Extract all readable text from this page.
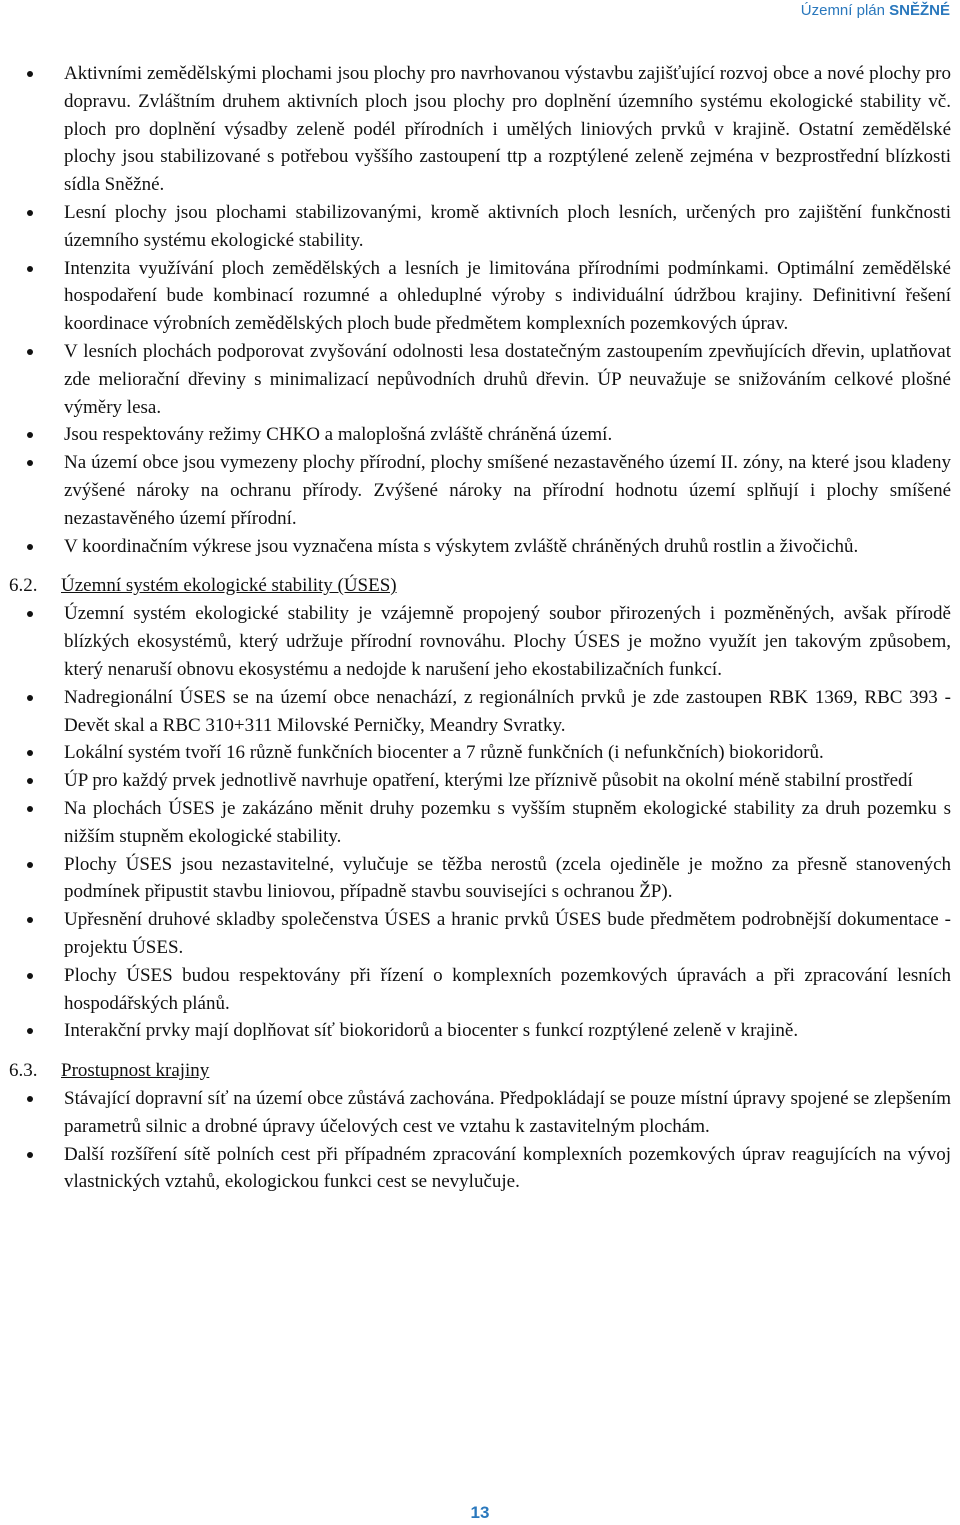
Územní plán SNĚŽNÉ
Aktivními zemědělskými plochami jsou plochy pro navrhovanou výstavbu zajišťující rozvoj obce a nové plochy pro dopravu. Zvláštním druhem aktivních ploch jsou plochy pro doplnění územního systému ekologické stability vč. ploch pro doplnění výsadby zeleně podél přírodních i umělých liniových prvků v krajině. Ostatní zemědělské plochy jsou stabilizované s potřebou vyššího zastoupení ttp a rozptýlené zeleně zejména v bezprostřední blízkosti sídla Sněžné.
Lesní plochy jsou plochami stabilizovanými, kromě aktivních ploch lesních, určených pro zajištění funkčnosti územního systému ekologické stability.
Intenzita využívání ploch zemědělských a lesních je limitována přírodními podmínkami. Optimální zemědělské hospodaření bude kombinací rozumné a ohleduplné výroby s individuální údržbou krajiny. Definitivní řešení koordinace výrobních zemědělských ploch bude předmětem komplexních pozemkových úprav.
V lesních plochách podporovat zvyšování odolnosti lesa dostatečným zastoupením zpevňujících dřevin, uplatňovat zde meliorační dřeviny s minimalizací nepůvodních druhů dřevin. ÚP neuvažuje se snižováním celkové plošné výměry lesa.
Jsou respektovány režimy CHKO a maloplošná zvláště chráněná území.
Na území obce jsou vymezeny plochy přírodní, plochy smíšené nezastavěného území II. zóny, na které jsou kladeny zvýšené nároky na ochranu přírody. Zvýšené nároky na přírodní hodnotu území splňují i plochy smíšené nezastavěného území přírodní.
V koordinačním výkrese jsou vyznačena místa s výskytem zvláště chráněných druhů rostlin a živočichů.
6.2. Územní systém ekologické stability (ÚSES)
Územní systém ekologické stability je vzájemně propojený soubor přirozených i pozměněných, avšak přírodě blízkých ekosystémů, který udržuje přírodní rovnováhu. Plochy ÚSES je možno využít jen takovým způsobem, který nenaruší obnovu ekosystému a nedojde k narušení jeho ekostabilizačních funkcí.
Nadregionální ÚSES se na území obce nenachází, z regionálních prvků je zde zastoupen RBK 1369, RBC 393 - Devět skal a RBC 310+311 Milovské Perničky, Meandry Svratky.
Lokální systém tvoří 16 různě funkčních biocenter a 7 různě funkčních (i nefunkčních) biokoridorů.
ÚP pro každý prvek jednotlivě navrhuje opatření, kterými lze příznivě působit na okolní méně stabilní prostředí
Na plochách ÚSES je zakázáno měnit druhy pozemku s vyšším stupněm ekologické stability za druh pozemku s nižším stupněm ekologické stability.
Plochy ÚSES jsou nezastavitelné, vylučuje se těžba nerostů (zcela ojediněle je možno za přesně stanovených podmínek připustit stavbu liniovou, případně stavbu souvisejíci s ochranou ŽP).
Upřesnění druhové skladby společenstva ÚSES a hranic prvků ÚSES bude předmětem podrobnější dokumentace - projektu ÚSES.
Plochy ÚSES budou respektovány při řízení o komplexních pozemkových úpravách a při zpracování lesních hospodářských plánů.
Interakční prvky mají doplňovat síť biokoridorů a biocenter s funkcí rozptýlené zeleně v krajině.
6.3. Prostupnost krajiny
Stávající dopravní síť na území obce zůstává zachována. Předpokládají se pouze místní úpravy spojené se zlepšením parametrů silnic a drobné úpravy účelových cest ve vztahu k zastavitelným plochám.
Další rozšíření sítě polních cest při případném zpracování komplexních pozemkových úprav reagujících na vývoj vlastnických vztahů, ekologickou funkci cest se nevylučuje.
13
